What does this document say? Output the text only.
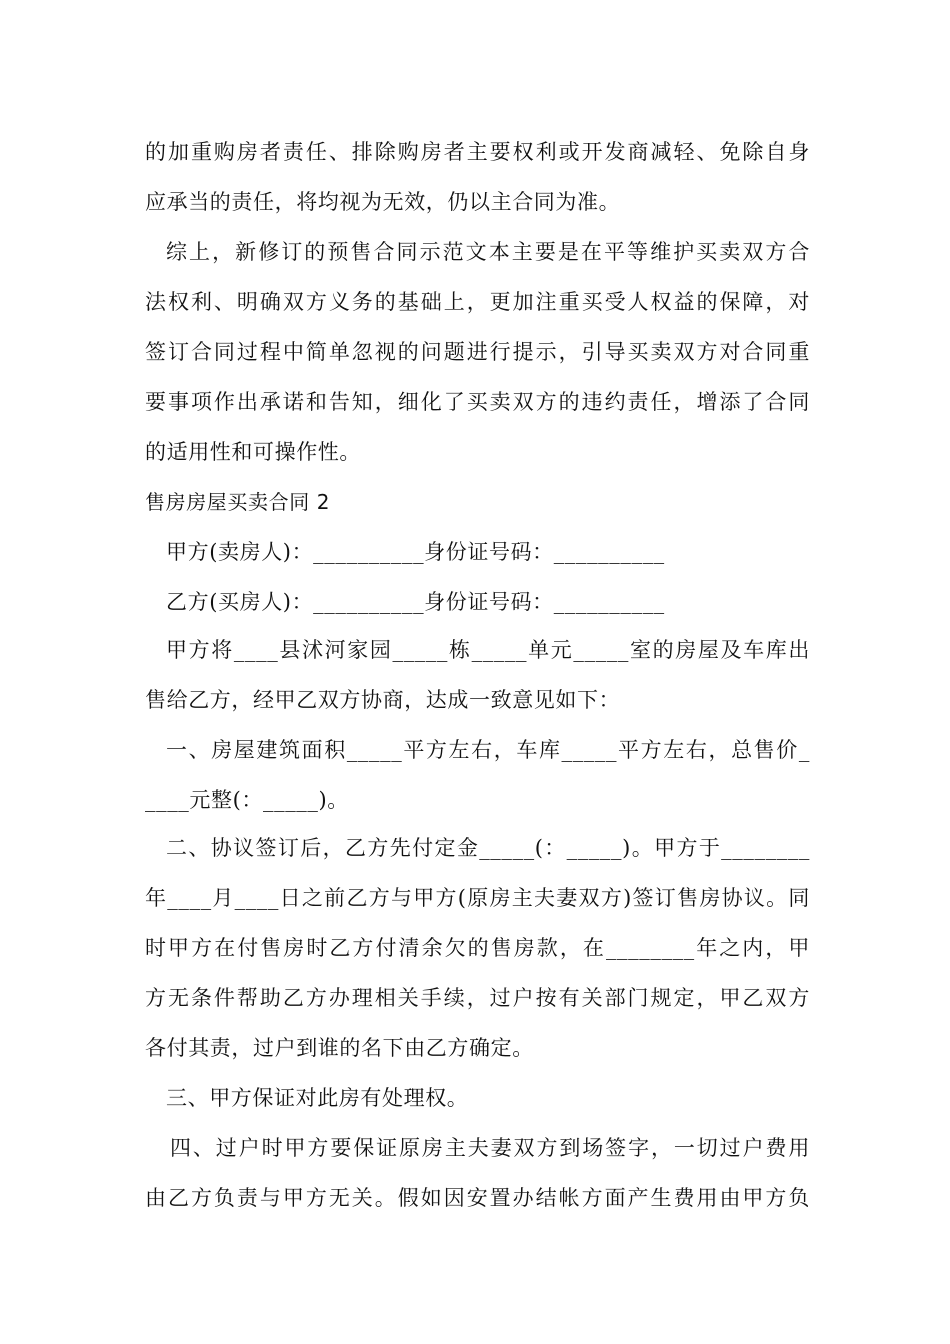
的加重购房者责任、排除购房者主要权利或开发商减轻、免除自身
应承当的责任，将均视为无效，仍以主合同为准。
综上，新修订的预售合同示范文本主要是在平等维护买卖双方合
法权利、明确双方义务的基础上，更加注重买受人权益的保障，对
签订合同过程中简单忽视的问题进行提示，引导买卖双方对合同重
要事项作出承诺和告知，细化了买卖双方的违约责任，增添了合同
的适用性和可操作性。
售房房屋买卖合同 2
甲方(卖房人)：__________身份证号码：__________
乙方(买房人)：__________身份证号码：__________
甲方将____县沭河家园_____栋_____单元_____室的房屋及车库出
售给乙方，经甲乙双方协商，达成一致意见如下：
一、房屋建筑面积_____平方左右，车库_____平方左右，总售价_
____元整(：_____)。
二、协议签订后，乙方先付定金_____(：_____)。甲方于________
年____月____日之前乙方与甲方(原房主夫妻双方)签订售房协议。同
时甲方在付售房时乙方付清余欠的售房款，在________年之内，甲
方无条件帮助乙方办理相关手续，过户按有关部门规定，甲乙双方
各付其责，过户到谁的名下由乙方确定。
三、甲方保证对此房有处理权。
四、过户时甲方要保证原房主夫妻双方到场签字，一切过户费用
由乙方负责与甲方无关。假如因安置办结帐方面产生费用由甲方负
